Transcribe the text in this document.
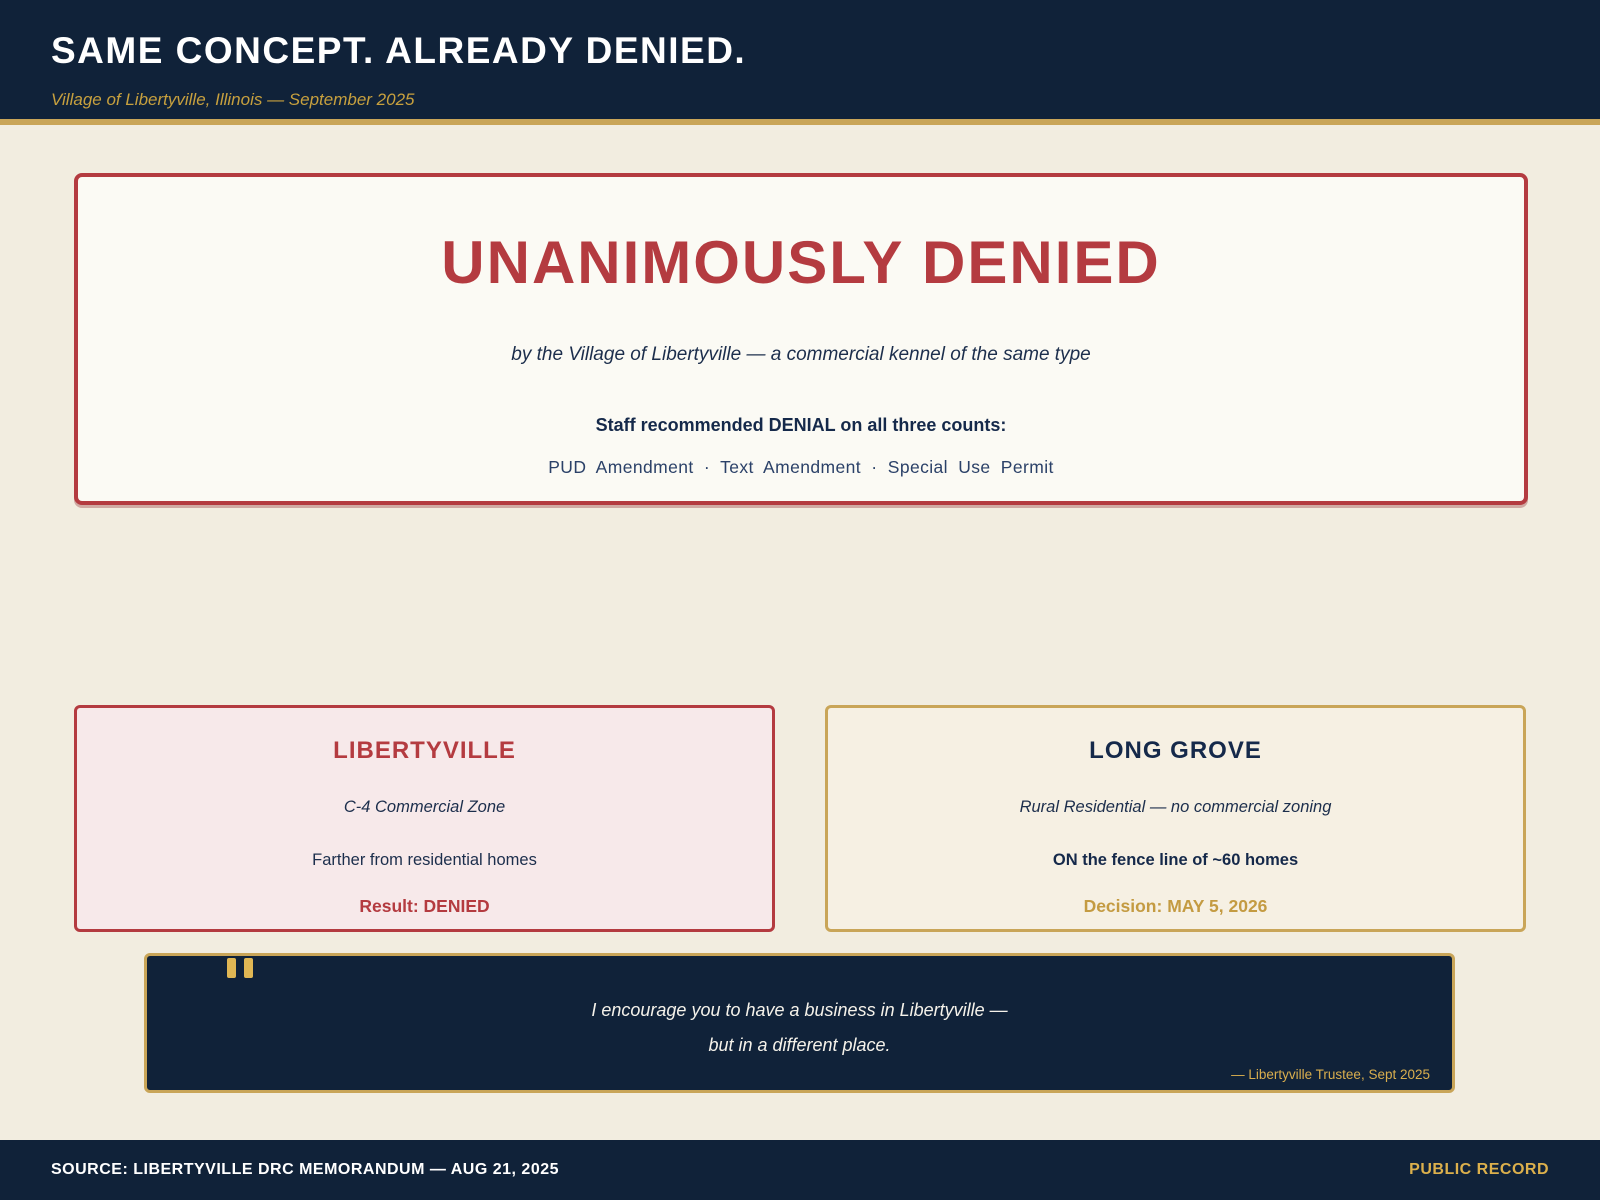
SAME CONCEPT. ALREADY DENIED.
Village of Libertyville, Illinois — September 2025
UNANIMOUSLY DENIED
by the Village of Libertyville — a commercial kennel of the same type
Staff recommended DENIAL on all three counts:
PUD Amendment · Text Amendment · Special Use Permit
LIBERTYVILLE
C-4 Commercial Zone
Farther from residential homes
Result: DENIED
LONG GROVE
Rural Residential — no commercial zoning
ON the fence line of ~60 homes
Decision: MAY 5, 2026
I encourage you to have a business in Libertyville —
but in a different place.
— Libertyville Trustee, Sept 2025
SOURCE: LIBERTYVILLE DRC MEMORANDUM — AUG 21, 2025	PUBLIC RECORD
